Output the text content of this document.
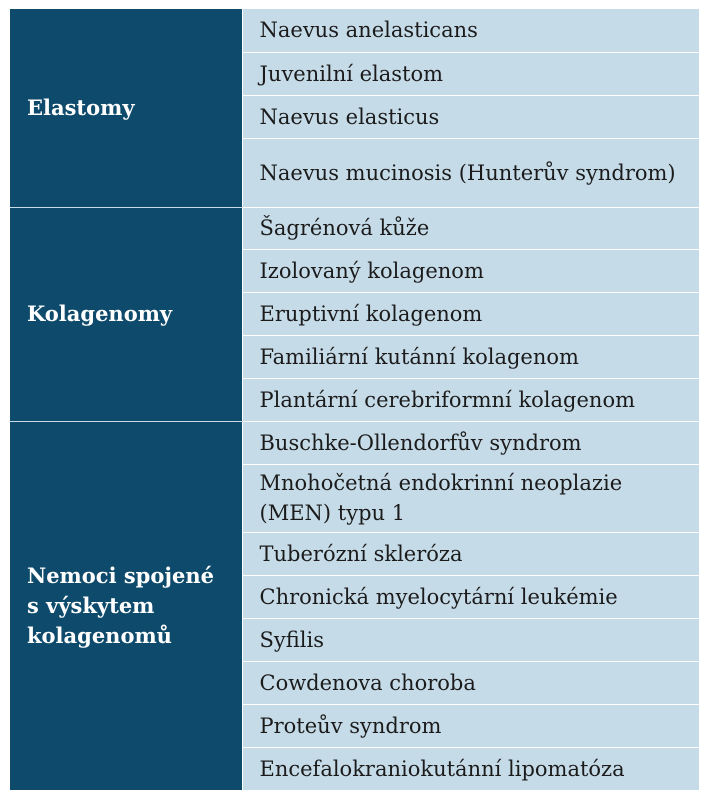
Elastomy	Naevus anelasticans

	Juvenilní elastom

	Naevus elasticus

	Naevus mucinosis (Hunterův syndrom)

Kolagenomy	Šagrénová kůže

	Izolovaný kolagenom

	Eruptivní kolagenom

	Familiární kutánní kolagenom

	Plantární cerebriformní kolagenom

Nemoci spojené s výskytem kolagenomů	Buschke-Ollendorfův syndrom

	Mnohočetná endokrinní neoplazie (MEN) typu 1

	Tuberózní skleróza

	Chronická myelocytární leukémie

	Syfilis

	Cowdenova choroba

	Proteův syndrom

	Encefalokraniokutánní lipomatóza
